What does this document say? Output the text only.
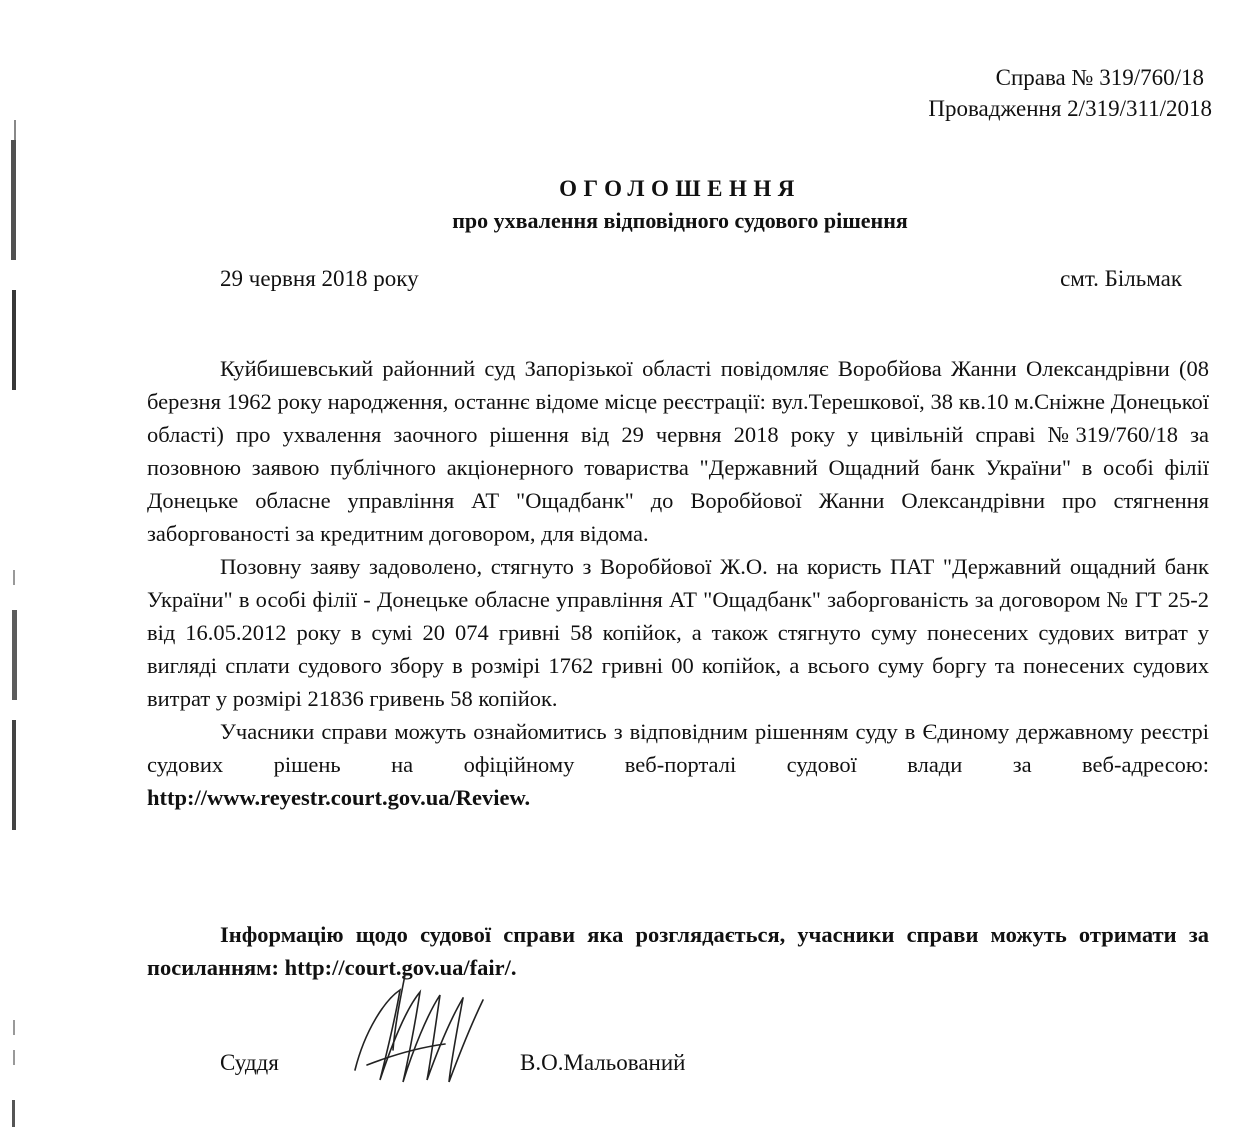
Справа № 319/760/18
Провадження 2/319/311/2018
ОГОЛОШЕННЯ
про ухвалення відповідного судового рішення
29 червня 2018 року	смт. Більмак

Куйбишевський районний суд Запорізької області повідомляє Воробйова Жанни Олександрівни (08 березня 1962 року народження, останнє відоме місце реєстрації: вул.Терешкової, 38 кв.10 м.Сніжне Донецької області) про ухвалення заочного рішення від 29 червня 2018 року у цивільній справі №319/760/18 за позовною заявою публічного акціонерного товариства "Державний Ощадний банк України" в особі філії Донецьке обласне управління АТ "Ощадбанк" до Воробйової Жанни Олександрівни про стягнення заборгованості за кредитним договором, для відома.

Позовну заяву задоволено, стягнуто з Воробйової Ж.О. на користь ПАТ "Державний ощадний банк України" в особі філії - Донецьке обласне управління АТ "Ощадбанк" заборгованість за договором № ГТ 25-2 від 16.05.2012 року в сумі 20 074 гривні 58 копійок, а також стягнуто суму понесених судових витрат у вигляді сплати судового збору в розмірі 1762 гривні 00 копійок, а всього суму боргу та понесених судових витрат у розмірі 21836 гривень 58 копійок.

Учасники справи можуть ознайомитись з відповідним рішенням суду в Єдиному державному реєстрі судових рішень на офіційному веб-порталі судової влади за веб-адресою: http://www.reyestr.court.gov.ua/Review.

Інформацію щодо судової справи яка розглядається, учасники справи можуть отримати за посиланням: http://court.gov.ua/fair/.

Суддя	В.О.Мальований
